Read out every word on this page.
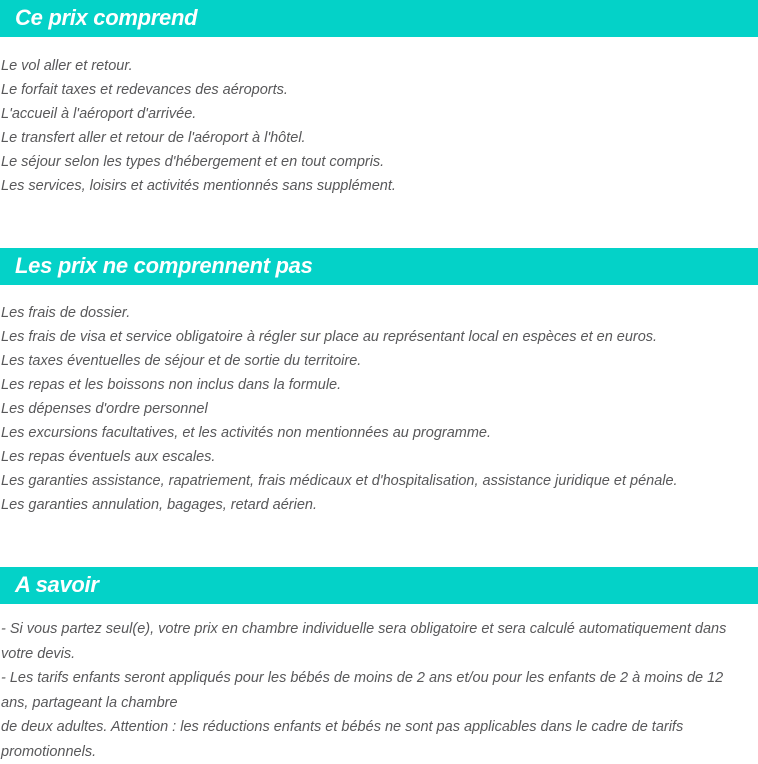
Ce prix comprend
Le vol aller et retour.
Le forfait taxes et redevances des aéroports.
L'accueil à l'aéroport d'arrivée.
Le transfert aller et retour de l'aéroport à l'hôtel.
Le séjour selon les types d'hébergement et en tout compris.
Les services, loisirs et activités mentionnés sans supplément.
Les prix ne comprennent pas
Les frais de dossier.
Les frais de visa et service obligatoire à régler sur place au représentant local en espèces et en euros.
Les taxes éventuelles de séjour et de sortie du territoire.
Les repas et les boissons non inclus dans la formule.
Les dépenses d'ordre personnel
Les excursions facultatives, et les activités non mentionnées au programme.
Les repas éventuels aux escales.
Les garanties assistance, rapatriement, frais médicaux et d'hospitalisation, assistance juridique et pénale.
Les garanties annulation, bagages, retard aérien.
A savoir
- Si vous partez seul(e), votre prix en chambre individuelle sera obligatoire et sera calculé automatiquement dans votre devis.
- Les tarifs enfants seront appliqués pour les bébés de moins de 2 ans et/ou pour les enfants de 2 à moins de 12 ans, partageant la chambre
de deux adultes. Attention : les réductions enfants et bébés ne sont pas applicables dans le cadre de tarifs promotionnels.
